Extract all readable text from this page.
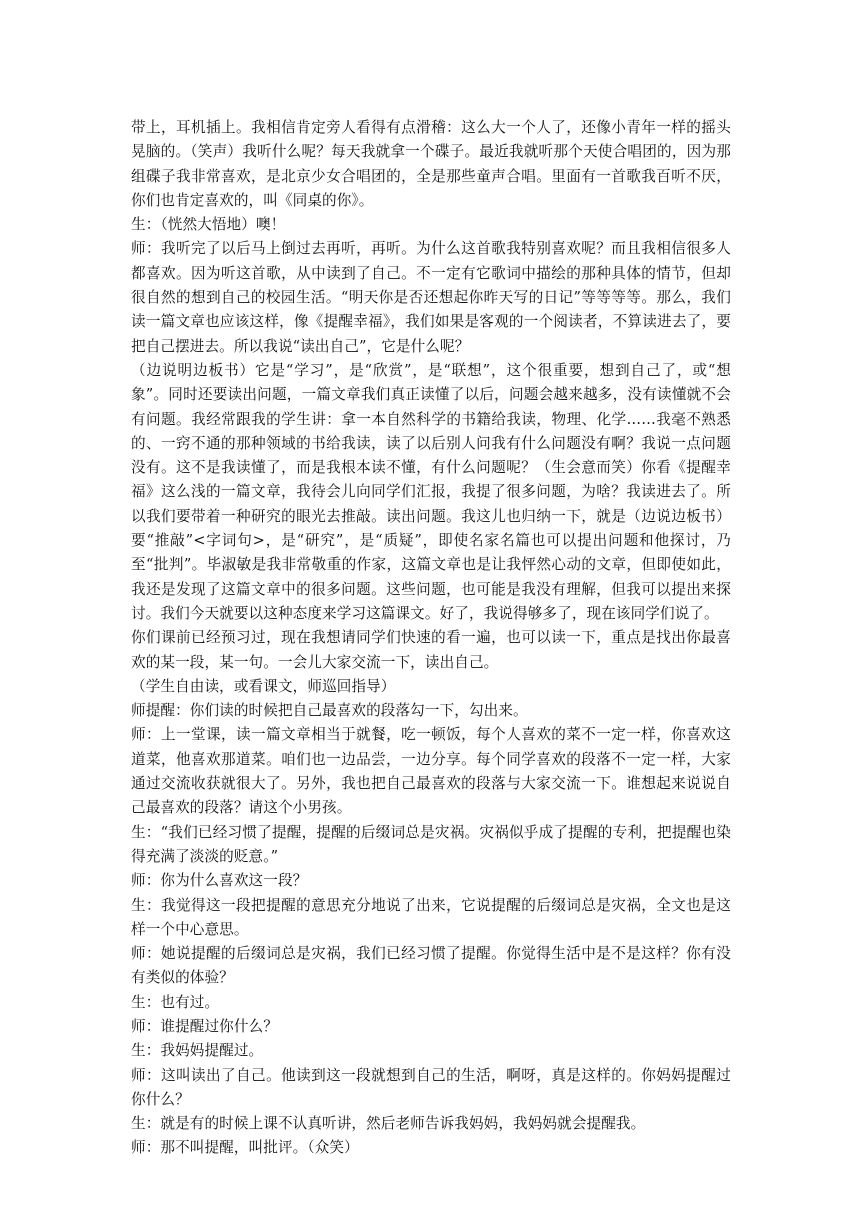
带上，耳机插上。我相信肯定旁人看得有点滑稽：这么大一个人了，还像小青年一样的摇头晃脑的。（笑声）我听什么呢？每天我就拿一个碟子。最近我就听那个天使合唱团的，因为那组碟子我非常喜欢，是北京少女合唱团的，全是那些童声合唱。里面有一首歌我百听不厌，你们也肯定喜欢的，叫《同桌的你》。

生：（恍然大悟地）噢！

师：我听完了以后马上倒过去再听，再听。为什么这首歌我特别喜欢呢？而且我相信很多人都喜欢。因为听这首歌，从中读到了自己。不一定有它歌词中描绘的那种具体的情节，但却很自然的想到自己的校园生活。“明天你是否还想起你昨天写的日记”等等等等。那么，我们读一篇文章也应该这样，像《提醒幸福》，我们如果是客观的一个阅读者，不算读进去了，要把自己摆进去。所以我说“读出自己”，它是什么呢？

（边说明边板书）它是“学习”，是“欣赏”，是“联想”，这个很重要，想到自己了，或“想象”。同时还要读出问题，一篇文章我们真正读懂了以后，问题会越来越多，没有读懂就不会有问题。我经常跟我的学生讲：拿一本自然科学的书籍给我读，物理、化学……我毫不熟悉的、一窍不通的那种领域的书给我读，读了以后别人问我有什么问题没有啊？我说一点问题没有。这不是我读懂了，而是我根本读不懂，有什么问题呢？（生会意而笑）你看《提醒幸福》这么浅的一篇文章，我待会儿向同学们汇报，我提了很多问题，为啥？我读进去了。所以我们要带着一种研究的眼光去推敲。读出问题。我这儿也归纳一下，就是（边说边板书）要“推敲”<字词句>，是“研究”，是“质疑”，即使名家名篇也可以提出问题和他探讨，乃至“批判”。毕淑敏是我非常敬重的作家，这篇文章也是让我怦然心动的文章，但即使如此，我还是发现了这篇文章中的很多问题。这些问题，也可能是我没有理解，但我可以提出来探讨。我们今天就要以这种态度来学习这篇课文。好了，我说得够多了，现在该同学们说了。

你们课前已经预习过，现在我想请同学们快速的看一遍，也可以读一下，重点是找出你最喜欢的某一段，某一句。一会儿大家交流一下，读出自己。

（学生自由读，或看课文，师巡回指导）

师提醒：你们读的时候把自己最喜欢的段落勾一下，勾出来。

师：上一堂课，读一篇文章相当于就餐，吃一顿饭，每个人喜欢的菜不一定一样，你喜欢这道菜，他喜欢那道菜。咱们也一边品尝，一边分享。每个同学喜欢的段落不一定一样，大家通过交流收获就很大了。另外，我也把自己最喜欢的段落与大家交流一下。谁想起来说说自己最喜欢的段落？请这个小男孩。

生：“我们已经习惯了提醒，提醒的后缀词总是灾祸。灾祸似乎成了提醒的专利，把提醒也染得充满了淡淡的贬意。”

师：你为什么喜欢这一段？

生：我觉得这一段把提醒的意思充分地说了出来，它说提醒的后缀词总是灾祸，全文也是这样一个中心意思。

师：她说提醒的后缀词总是灾祸，我们已经习惯了提醒。你觉得生活中是不是这样？你有没有类似的体验？

生：也有过。

师：谁提醒过你什么？

生：我妈妈提醒过。

师：这叫读出了自己。他读到这一段就想到自己的生活，啊呀，真是这样的。你妈妈提醒过你什么？

生：就是有的时候上课不认真听讲，然后老师告诉我妈妈，我妈妈就会提醒我。

师：那不叫提醒，叫批评。（众笑）
